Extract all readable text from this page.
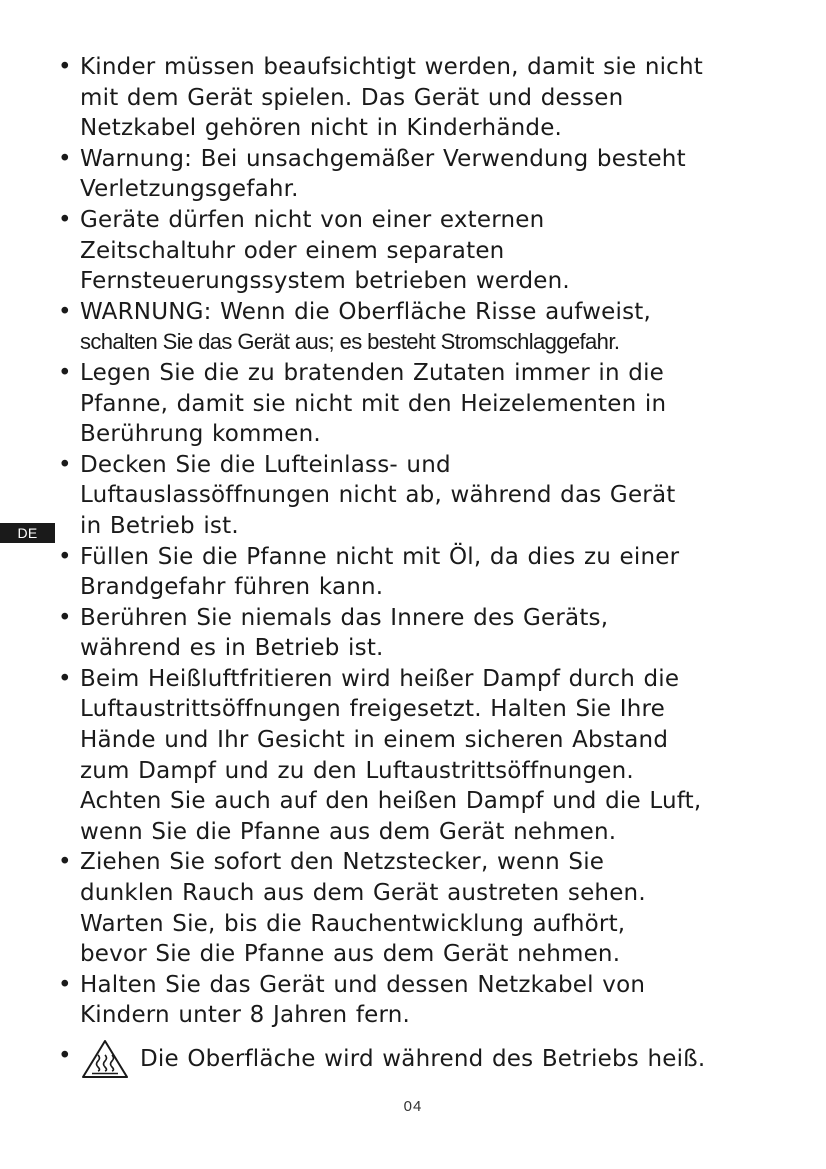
DE
• Kinder müssen beaufsichtigt werden, damit sie nicht
mit dem Gerät spielen. Das Gerät und dessen
Netzkabel gehören nicht in Kinderhände.
• Warnung: Bei unsachgemäßer Verwendung besteht
Verletzungsgefahr.
• Geräte dürfen nicht von einer externen
Zeitschaltuhr oder einem separaten
Fernsteuerungssystem betrieben werden.
• WARNUNG: Wenn die Oberfläche Risse aufweist,
schalten Sie das Gerät aus; es besteht Stromschlaggefahr.
• Legen Sie die zu bratenden Zutaten immer in die
Pfanne, damit sie nicht mit den Heizelementen in
Berührung kommen.
• Decken Sie die Lufteinlass- und
Luftauslassöffnungen nicht ab, während das Gerät
in Betrieb ist.
• Füllen Sie die Pfanne nicht mit Öl, da dies zu einer
Brandgefahr führen kann.
• Berühren Sie niemals das Innere des Geräts,
während es in Betrieb ist.
• Beim Heißluftfritieren wird heißer Dampf durch die
Luftaustrittsöffnungen freigesetzt. Halten Sie Ihre
Hände und Ihr Gesicht in einem sicheren Abstand
zum Dampf und zu den Luftaustrittsöffnungen.
Achten Sie auch auf den heißen Dampf und die Luft,
wenn Sie die Pfanne aus dem Gerät nehmen.
• Ziehen Sie sofort den Netzstecker, wenn Sie
dunklen Rauch aus dem Gerät austreten sehen.
Warten Sie, bis die Rauchentwicklung aufhört,
bevor Sie die Pfanne aus dem Gerät nehmen.
• Halten Sie das Gerät und dessen Netzkabel von
Kindern unter 8 Jahren fern.
•	Die Oberfläche wird während des Betriebs heiß.
04
